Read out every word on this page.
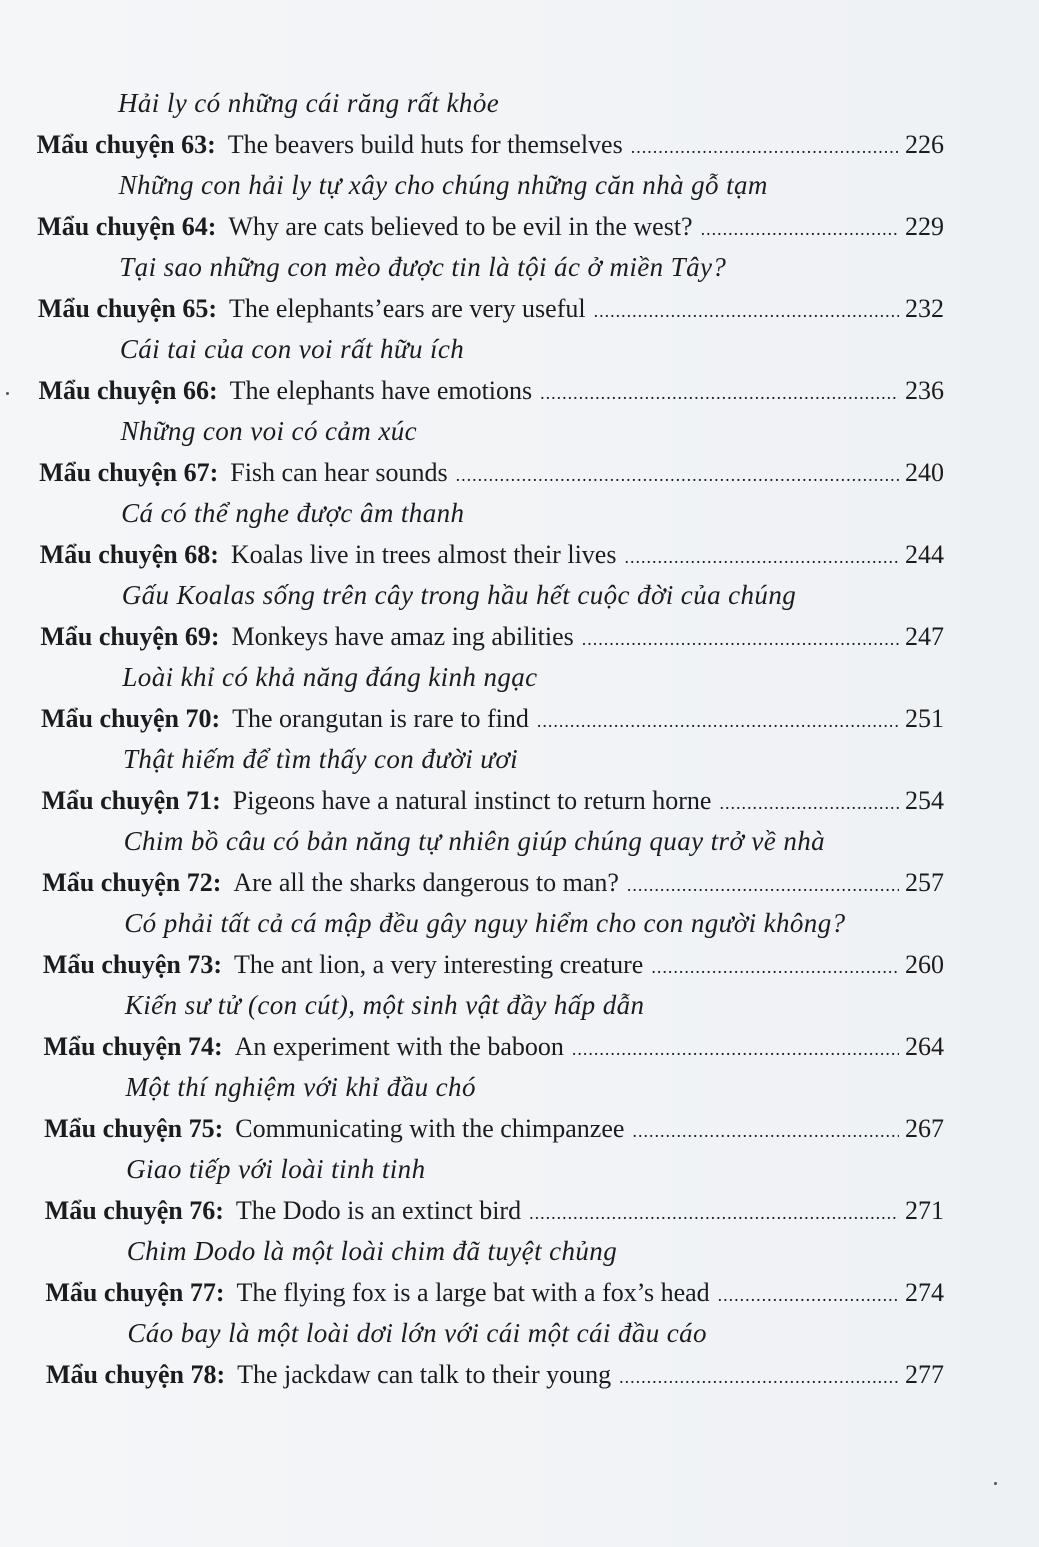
Hải ly có những cái răng rất khỏe
Mẩu chuyện 63: The beavers build huts for themselves .....	226
Những con hải ly tự xây cho chúng những căn nhà gỗ tạm
Mẩu chuyện 64: Why are cats believed to be evil in the west? .....	229
Tại sao những con mèo được tin là tội ác ở miền Tây?
Mẩu chuyện 65: The elephants’ears are very useful .....	232
Cái tai của con voi rất hữu ích
Mẩu chuyện 66: The elephants have emotions .....	236
Những con voi có cảm xúc
Mẩu chuyện 67: Fish can hear sounds .....	240
Cá có thể nghe được âm thanh
Mẩu chuyện 68: Koalas live in trees almost their lives .....	244
Gấu Koalas sống trên cây trong hầu hết cuộc đời của chúng
Mẩu chuyện 69: Monkeys have amaz ing abilities .....	247
Loài khỉ có khả năng đáng kinh ngạc
Mẩu chuyện 70: The orangutan is rare to find .....	251
Thật hiếm để tìm thấy con đười ươi
Mẩu chuyện 71: Pigeons have a natural instinct to return horne .....	254
Chim bồ câu có bản năng tự nhiên giúp chúng quay trở về nhà
Mẩu chuyện 72: Are all the sharks dangerous to man? .....	257
Có phải tất cả cá mập đều gây nguy hiểm cho con người không?
Mẩu chuyện 73: The ant lion, a very interesting creature .....	260
Kiến sư tử (con cút), một sinh vật đầy hấp dẫn
Mẩu chuyện 74: An experiment with the baboon .....	264
Một thí nghiệm với khỉ đầu chó
Mẩu chuyện 75: Communicating with the chimpanzee .....	267
Giao tiếp với loài tinh tinh
Mẩu chuyện 76: The Dodo is an extinct bird .....	271
Chim Dodo là một loài chim đã tuyệt chủng
Mẩu chuyện 77: The flying fox is a large bat with a fox’s head .....	274
Cáo bay là một loài dơi lớn với cái một cái đầu cáo
Mẩu chuyện 78: The jackdaw can talk to their young .....	277
